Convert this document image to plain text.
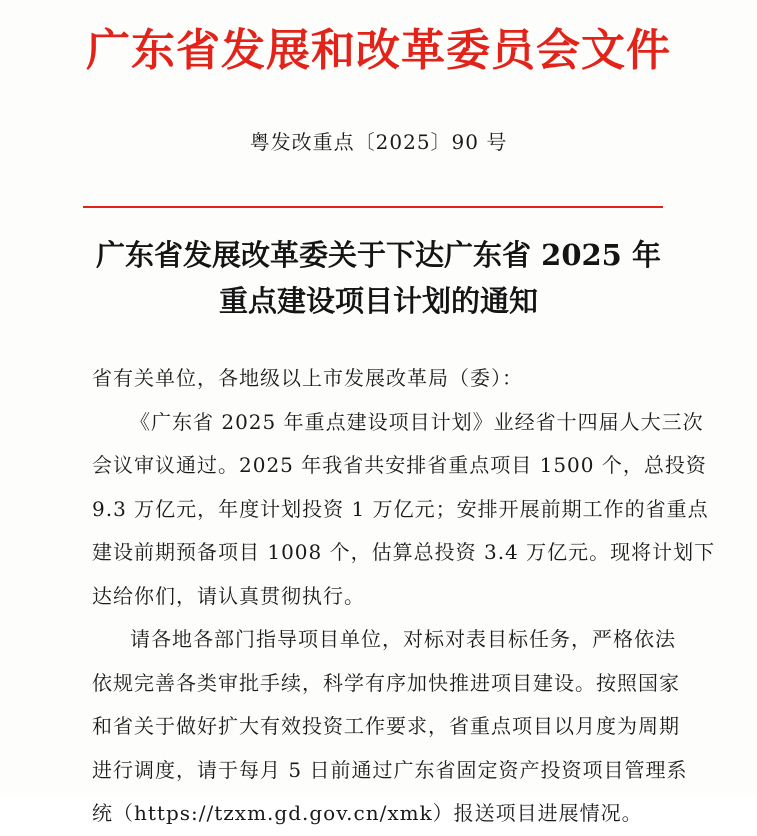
广东省发展和改革委员会文件
粤发改重点〔2025〕90 号
广东省发展改革委关于下达广东省 2025 年
重点建设项目计划的通知
省有关单位，各地级以上市发展改革局（委）：
《广东省 2025 年重点建设项目计划》业经省十四届人大三次
会议审议通过。2025 年我省共安排省重点项目 1500 个，总投资
9.3 万亿元，年度计划投资 1 万亿元；安排开展前期工作的省重点
建设前期预备项目 1008 个，估算总投资 3.4 万亿元。现将计划下
达给你们，请认真贯彻执行。
请各地各部门指导项目单位，对标对表目标任务，严格依法
依规完善各类审批手续，科学有序加快推进项目建设。按照国家
和省关于做好扩大有效投资工作要求，省重点项目以月度为周期
进行调度，请于每月 5 日前通过广东省固定资产投资项目管理系
统（https://tzxm.gd.gov.cn/xmk）报送项目进展情况。
